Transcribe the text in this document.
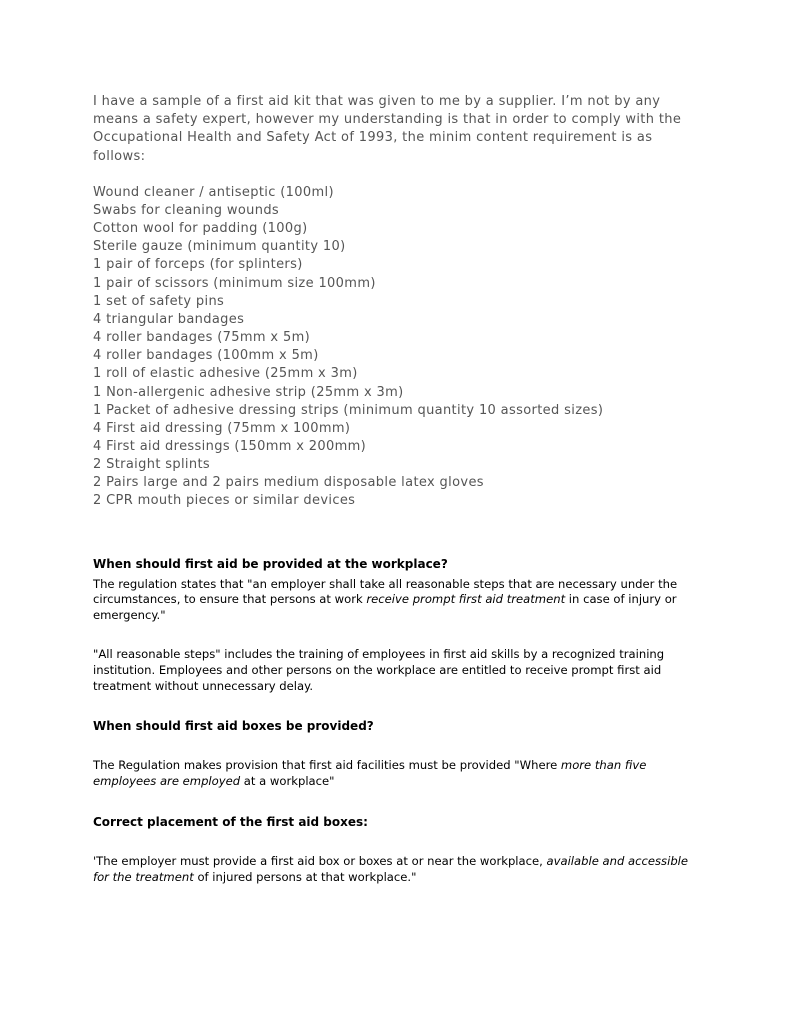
I have a sample of a first aid kit that was given to me by a supplier. I’m not by any means a safety expert, however my understanding is that in order to comply with the Occupational Health and Safety Act of 1993, the minim content requirement is as follows:

Wound cleaner / antiseptic (100ml)
Swabs for cleaning wounds
Cotton wool for padding (100g)
Sterile gauze (minimum quantity 10)
1 pair of forceps (for splinters)
1 pair of scissors (minimum size 100mm)
1 set of safety pins
4 triangular bandages
4 roller bandages (75mm x 5m)
4 roller bandages (100mm x 5m)
1 roll of elastic adhesive (25mm x 3m)
1 Non-allergenic adhesive strip (25mm x 3m)
1 Packet of adhesive dressing strips (minimum quantity 10 assorted sizes)
4 First aid dressing (75mm x 100mm)
4 First aid dressings (150mm x 200mm)
2 Straight splints
2 Pairs large and 2 pairs medium disposable latex gloves
2 CPR mouth pieces or similar devices
When should first aid be provided at the workplace?

The regulation states that "an employer shall take all reasonable steps that are necessary under the circumstances, to ensure that persons at work receive prompt first aid treatment in case of injury or emergency."

"All reasonable steps" includes the training of employees in first aid skills by a recognized training institution. Employees and other persons on the workplace are entitled to receive prompt first aid treatment without unnecessary delay.

When should first aid boxes be provided?

The Regulation makes provision that first aid facilities must be provided "Where more than five employees are employed at a workplace"

Correct placement of the first aid boxes:

'The employer must provide a first aid box or boxes at or near the workplace, available and accessible for the treatment of injured persons at that workplace."
